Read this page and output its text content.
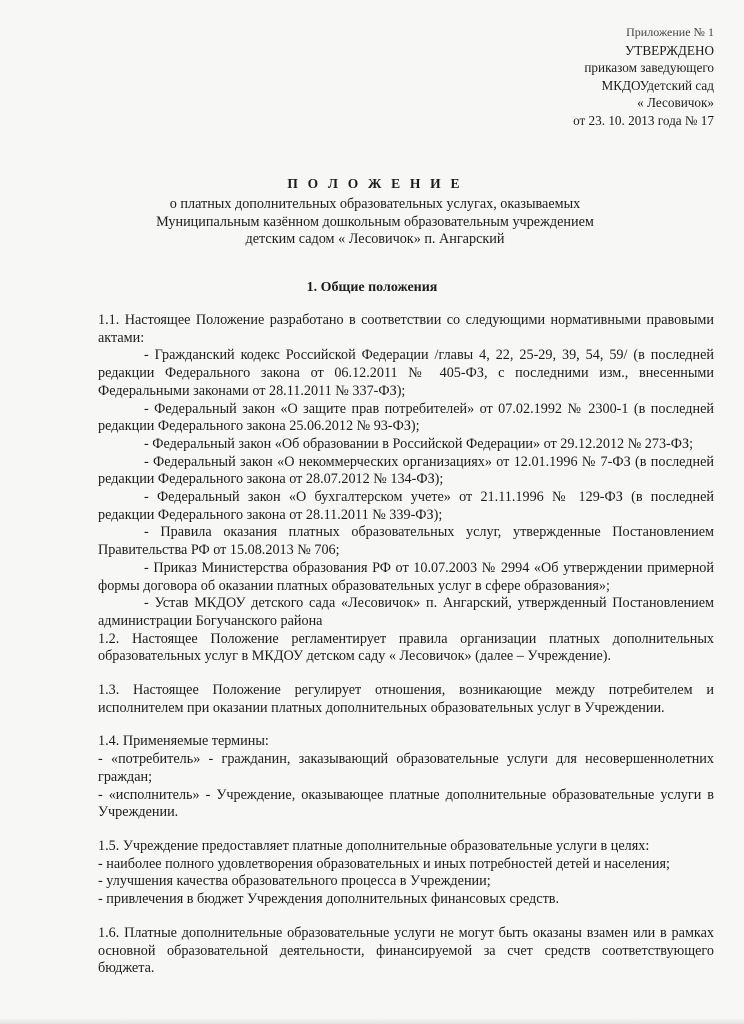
Приложение № 1
УТВЕРЖДЕНО
приказом заведующего
МКДОУдетский сад
« Лесовичок»
от 23. 10. 2013 года № 17
П О Л О Ж Е Н И Е
о платных дополнительных образовательных услугах, оказываемых
Муниципальным казённом дошкольным образовательным учреждением
детским садом « Лесовичок» п. Ангарский
1. Общие положения

1.1. Настоящее Положение разработано в соответствии со следующими нормативными правовыми актами:

- Гражданский кодекс Российской Федерации /главы 4, 22, 25-29, 39, 54, 59/ (в последней редакции Федерального закона от 06.12.2011 № 405-ФЗ, с последними изм., внесенными Федеральными законами от 28.11.2011 № 337-ФЗ);

- Федеральный закон «О защите прав потребителей» от 07.02.1992 № 2300-1 (в последней редакции Федерального закона 25.06.2012 № 93-ФЗ);

- Федеральный закон «Об образовании в Российской Федерации» от 29.12.2012 № 273-ФЗ;

- Федеральный закон «О некоммерческих организациях» от 12.01.1996 № 7-ФЗ (в последней редакции Федерального закона от 28.07.2012 № 134-ФЗ);

- Федеральный закон «О бухгалтерском учете» от 21.11.1996 № 129-ФЗ (в последней редакции Федерального закона от 28.11.2011 № 339-ФЗ);

- Правила оказания платных образовательных услуг, утвержденные Постановлением Правительства РФ от 15.08.2013 № 706;

- Приказ Министерства образования РФ от 10.07.2003 № 2994 «Об утверждении примерной формы договора об оказании платных образовательных услуг в сфере образования»;

- Устав МКДОУ детского сада «Лесовичок» п. Ангарский, утвержденный Постановлением администрации Богучанского района

1.2. Настоящее Положение регламентирует правила организации платных дополнительных образовательных услуг в МКДОУ детском саду « Лесовичок» (далее – Учреждение).

1.3. Настоящее Положение регулирует отношения, возникающие между потребителем и исполнителем при оказании платных дополнительных образовательных услуг в Учреждении.

1.4. Применяемые термины:

- «потребитель» - гражданин, заказывающий образовательные услуги для несовершеннолетних граждан;

- «исполнитель» - Учреждение, оказывающее платные дополнительные образовательные услуги в Учреждении.

1.5. Учреждение предоставляет платные дополнительные образовательные услуги в целях:

- наиболее полного удовлетворения образовательных и иных потребностей детей и населения;

- улучшения качества образовательного процесса в Учреждении;

- привлечения в бюджет Учреждения дополнительных финансовых средств.

1.6. Платные дополнительные образовательные услуги не могут быть оказаны взамен или в рамках основной образовательной деятельности, финансируемой за счет средств соответствующего бюджета.
